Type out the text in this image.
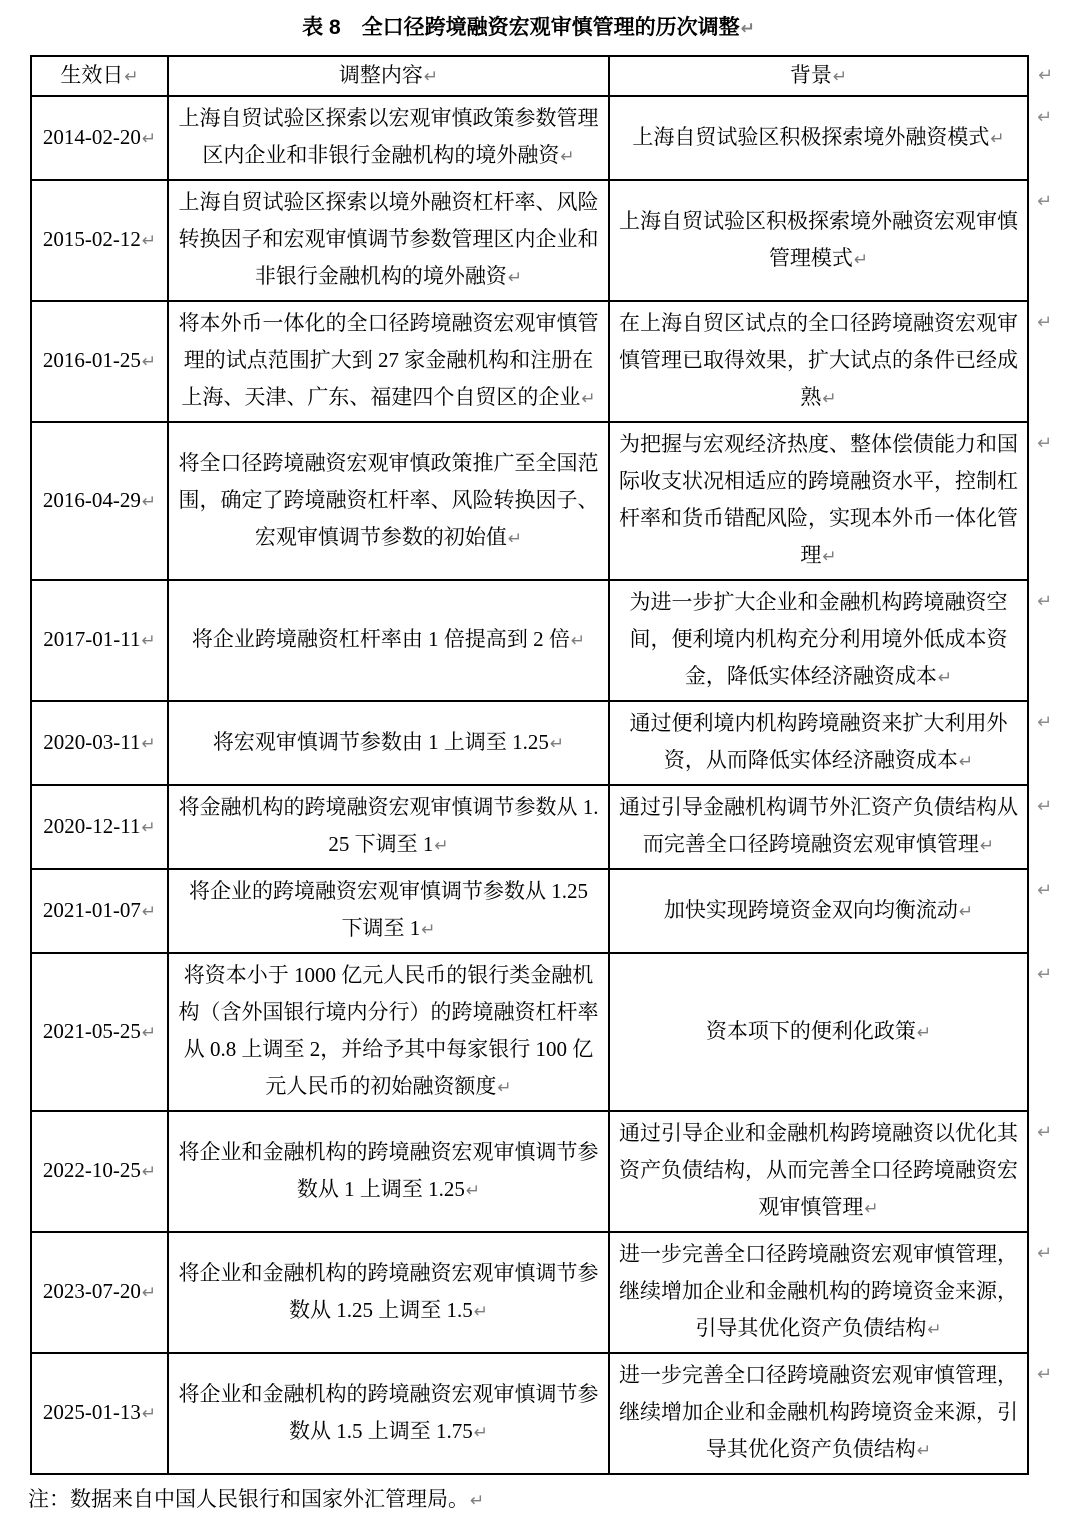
表 8　全口径跨境融资宏观审慎管理的历次调整↵
生效日↵	调整内容↵	背景↵	↵
2014-02-20↵	上海自贸试验区探索以宏观审慎政策参数管理区内企业和非银行金融机构的境外融资↵	上海自贸试验区积极探索境外融资模式↵	↵
2015-02-12↵	上海自贸试验区探索以境外融资杠杆率、风险转换因子和宏观审慎调节参数管理区内企业和非银行金融机构的境外融资↵	上海自贸试验区积极探索境外融资宏观审慎管理模式↵	↵
2016-01-25↵	将本外币一体化的全口径跨境融资宏观审慎管理的试点范围扩大到 27 家金融机构和注册在上海、天津、广东、福建四个自贸区的企业↵	在上海自贸区试点的全口径跨境融资宏观审慎管理已取得效果，扩大试点的条件已经成熟↵	↵
2016-04-29↵	将全口径跨境融资宏观审慎政策推广至全国范围，确定了跨境融资杠杆率、风险转换因子、宏观审慎调节参数的初始值↵	为把握与宏观经济热度、整体偿债能力和国际收支状况相适应的跨境融资水平，控制杠杆率和货币错配风险，实现本外币一体化管理↵	↵
2017-01-11↵	将企业跨境融资杠杆率由 1 倍提高到 2 倍↵	为进一步扩大企业和金融机构跨境融资空间，便利境内机构充分利用境外低成本资金，降低实体经济融资成本↵	↵
2020-03-11↵	将宏观审慎调节参数由 1 上调至 1.25↵	通过便利境内机构跨境融资来扩大利用外资，从而降低实体经济融资成本↵	↵
2020-12-11↵	将金融机构的跨境融资宏观审慎调节参数从 1.25 下调至 1↵	通过引导金融机构调节外汇资产负债结构从而完善全口径跨境融资宏观审慎管理↵	↵
2021-01-07↵	将企业的跨境融资宏观审慎调节参数从 1.25 下调至 1↵	加快实现跨境资金双向均衡流动↵	↵
2021-05-25↵	将资本小于 1000 亿元人民币的银行类金融机构（含外国银行境内分行）的跨境融资杠杆率从 0.8 上调至 2，并给予其中每家银行 100 亿元人民币的初始融资额度↵	资本项下的便利化政策↵	↵
2022-10-25↵	将企业和金融机构的跨境融资宏观审慎调节参数从 1 上调至 1.25↵	通过引导企业和金融机构跨境融资以优化其资产负债结构，从而完善全口径跨境融资宏观审慎管理↵	↵
2023-07-20↵	将企业和金融机构的跨境融资宏观审慎调节参数从 1.25 上调至 1.5↵	进一步完善全口径跨境融资宏观审慎管理，继续增加企业和金融机构的跨境资金来源，引导其优化资产负债结构↵	↵
2025-01-13↵	将企业和金融机构的跨境融资宏观审慎调节参数从 1.5 上调至 1.75↵	进一步完善全口径跨境融资宏观审慎管理，继续增加企业和金融机构跨境资金来源，引导其优化资产负债结构↵	↵
注：数据来自中国人民银行和国家外汇管理局。↵
